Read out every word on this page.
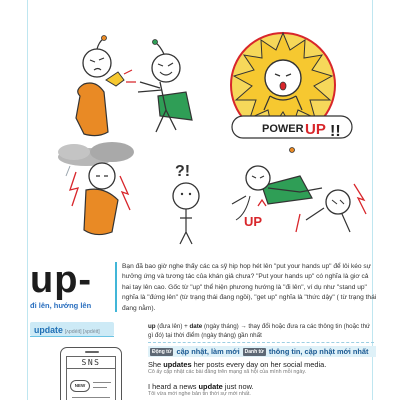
POWER UP !!
?!
UP
up-
đi lên, hướng lên
Bạn đã bao giờ nghe thấy các ca sỹ hip hop hét lên "put your hands up" để lôi kéo sự hưởng ứng và tương tác của khán giả chưa? "Put your hands up" có nghĩa là giơ cả hai tay lên cao. Gốc từ "up" thể hiện phương hướng là "đi lên", ví dụ như "stand up" nghĩa là "đứng lên" (từ trạng thái đang ngồi), "get up" nghĩa là "thức dậy" ( từ trạng thái đang nằm).
update [ʌpdéit] [ʌpdèit]
up (đưa lên) + date (ngày tháng) → thay đổi hoặc đưa ra các thông tin (hoặc thứ gì đó) tại thời điểm (ngày tháng) gần nhất
Động từ cập nhật, làm mới	Danh từ thông tin, cập nhật mới nhất
She updates her posts every day on her social media.
Cô ấy cập nhật các bài đăng trên mạng xã hội của mình mỗi ngày.
I heard a news update just now.
Tôi vừa mới nghe bản tin thời sự mới nhất.
SNS
NEW
